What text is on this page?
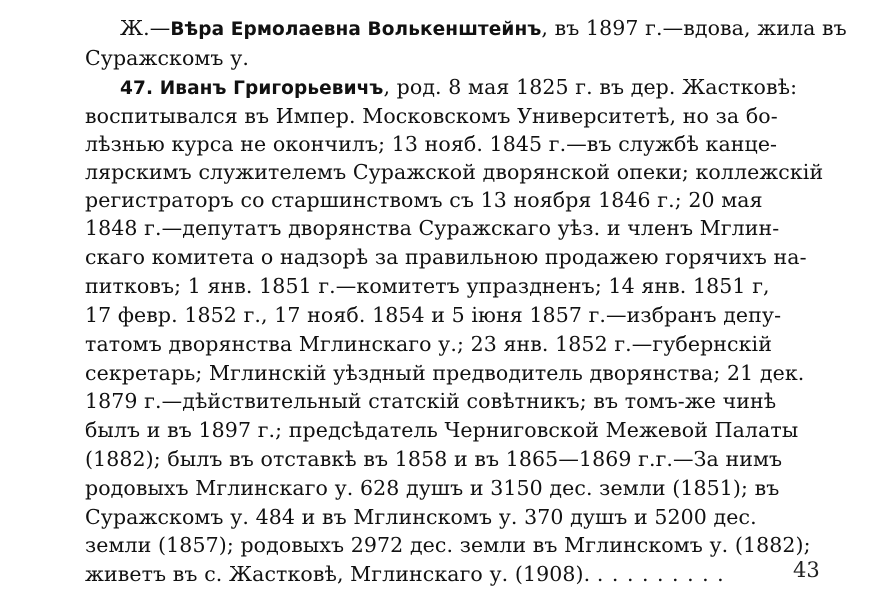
Ж.—Вѣра Ермолаевна Волькенштейнъ, въ 1897 г.—вдова, жила въ
Суражскомъ у.
47. Иванъ Григорьевичъ, род. 8 мая 1825 г. въ дер. Жастковѣ:
воспитывался въ Импер. Московскомъ Университетѣ, но за бо-
лѣзнью курса не окончилъ; 13 нояб. 1845 г.—въ службѣ канце-
лярскимъ служителемъ Суражской дворянской опеки; коллежскій
регистраторъ со старшинствомъ съ 13 ноября 1846 г.; 20 мая
1848 г.—депутатъ дворянства Суражскаго уѣз. и членъ Мглин-
скаго комитета о надзорѣ за правильною продажею горячихъ на-
питковъ; 1 янв. 1851 г.—комитетъ упраздненъ; 14 янв. 1851 г,
17 февр. 1852 г., 17 нояб. 1854 и 5 іюня 1857 г.—избранъ депу-
татомъ дворянства Мглинскаго у.; 23 янв. 1852 г.—губернскій
секретарь; Мглинскій уѣздный предводитель дворянства; 21 дек.
1879 г.—дѣйствительный статскій совѣтникъ; въ томъ-же чинѣ
былъ и въ 1897 г.; предсѣдатель Черниговской Межевой Палаты
(1882); былъ въ отставкѣ въ 1858 и въ 1865—1869 г.г.—За нимъ
родовыхъ Мглинскаго у. 628 душъ и 3150 дес. земли (1851); въ
Суражскомъ у. 484 и въ Мглинскомъ у. 370 душъ и 5200 дес.
земли (1857); родовыхъ 2972 дес. земли въ Мглинскомъ у. (1882);
живетъ въ с. Жастковѣ, Мглинскаго у. (1908). . . . . . . . . .	43
